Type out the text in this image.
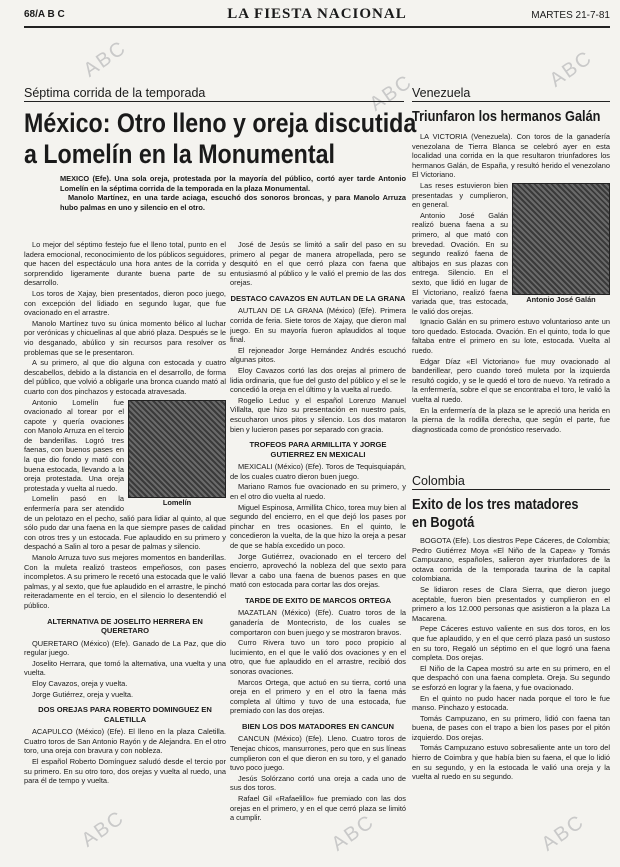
68/A B C	LA FIESTA NACIONAL	MARTES 21-7-81
ABC
ABC
ABC
ABC	ABC	ABC
Séptima corrida de la temporada
México: Otro lleno y oreja discutida
a Lomelín en la Monumental
MEXICO (Efe). Una sola oreja, protestada por la mayoría del público, cortó ayer tarde Antonio Lomelín en la séptima corrida de la temporada en la plaza Monumental.
Manolo Martínez, en una tarde aciaga, escuchó dos sonoros broncas, y para Manolo Arruza hubo palmas en uno y silencio en el otro.

Lo mejor del séptimo festejo fue el lleno total, punto en el ladera emocional, reconocimiento de los públicos seguidores, que hacen del espectáculo una hora antes de la corrida y sorprendido ligeramente durante buena parte de su desarrollo.

Los toros de Xajay, bien presentados, dieron poco juego, con excepción del lidiado en segundo lugar, que fue ovacionado en el arrastre.

Manolo Martínez tuvo su única momento bélico al luchar por verónicas y chicuelinas al que abrió plaza. Después se le vio desganado, abúlico y sin recursos para resolver os problemas que se le presentaron.

A su primero, al que dio alguna con estocada y cuatro descabellos, debido a la distancia en el desarrollo, de forma del público, que volvió a obligarle una bronca cuando mató al cuarto con dos pinchazos y estocada atravesada.

Lomelín

Antonio Lomelín fue ovacionado al torear por el capote y quería ovaciones con Manolo Arruza en el tercio de banderillas. Logró tres faenas, con buenos pases en la que dio fondo y mató con buena estocada, llevando a la oreja protestada. Una oreja protestada y vuelta al ruedo.

Lomelín pasó en la enfermería para ser atendido de un pelotazo en el pecho, salió para lidiar al quinto, al que sólo pudo dar una faena en la que siempre pases de calidad con otros tres y un estocada. Fue aplaudido en su primero y despachó a Salin al toro a pesar de palmas y silencio.

Manolo Arruza tuvo sus mejores momentos en banderillas. Con la muleta realizó trasteos empeñosos, con pases incompletos. A su primero le recetó una estocada que le valió palmas, y al sexto, que fue aplaudido en el arrastre, le pinchó reiteradamente en el tercio, en el silencio lo desentendió el público.

ALTERNATIVA DE JOSELITO HERRERA EN QUERETARO

QUERETARO (México) (Efe). Ganado de La Paz, que dio regular juego.

Joselito Herrara, que tomó la alternativa, una vuelta y una vuelta.

Eloy Cavazos, oreja y vuelta.

Jorge Gutiérrez, oreja y vuelta.

DOS OREJAS PARA ROBERTO DOMINGUEZ EN CALETILLA

ACAPULCO (México) (Efe). El lleno en la plaza Caletilla. Cuatro toros de San Antonio Rayón y de Alejandra. En el otro toro, una oreja con bravura y con nobleza.

El español Roberto Domínguez saludó desde el tercio por su primero. En su otro toro, dos orejas y vuelta al ruedo, una para él de tempo y vuelta.

José de Jesús se limitó a salir del paso en su primero al pegar de manera atropellada, pero se desquitó en el que cerró plaza con faena que entusiasmó al público y le valió el premio de las dos orejas.

DESTACO CAVAZOS EN AUTLAN DE LA GRANA

AUTLAN DE LA GRANA (México) (Efe). Primera corrida de feria. Siete toros de Xajay, que dieron mal juego. En su mayoría fueron aplaudidos al toque final.

El rejoneador Jorge Hernández Andrés escuchó algunas pitos.

Eloy Cavazos cortó las dos orejas al primero de lidia ordinaria, que fue del gusto del público y el se le concedió la oreja en el último y la vuelta al ruedo.

Rogelio Leduc y el español Lorenzo Manuel Villalta, que hizo su presentación en nuestro país, escucharon unos pitos y silencio. Los dos mataron bien y lucieron pases por separado con gracia.

TROFEOS PARA ARMILLITA Y JORGE GUTIERREZ EN MEXICALI

MEXICALI (México) (Efe). Toros de Tequisquiapán, de los cuales cuatro dieron buen juego.

Mariano Ramos fue ovacionado en su primero, y en el otro dio vuelta al ruedo.

Miguel Espinosa, Armillita Chico, torea muy bien al segundo del encierro, en el que dejó los pases por pinchar en tres ocasiones. En el quinto, le concedieron la vuelta, de la que hizo la oreja a pesar de que se había excedido un poco.

Jorge Gutiérrez, ovacionado en el tercero del encierro, aprovechó la nobleza del que sexto para llevar a cabo una faena de buenos pases en que mató con estocada para cortar las dos orejas.

TARDE DE EXITO DE MARCOS ORTEGA

MAZATLAN (México) (Efe). Cuatro toros de la ganadería de Montecristo, de los cuales se comportaron con buen juego y se mostraron bravos.

Curro Rivera tuvo un toro poco propicio al lucimiento, en el que le valió dos ovaciones y en el otro, que fue aplaudido en el arrastre, recibió dos sonoras ovaciones.

Marcos Ortega, que actuó en su tierra, cortó una oreja en el primero y en el otro la faena más completa al último y tuvo de una estocada, fue premiado con las dos orejas.

BIEN LOS DOS MATADORES EN CANCUN

CANCUN (México) (Efe). Lleno. Cuatro toros de Tenejac chicos, mansurrones, pero que en sus líneas cumplieron con el que dieron en su toro, y el ganado tuvo poco juego.

Jesús Solórzano cortó una oreja a cada uno de sus dos toros.

Rafael Gil «Rafaelillo» fue premiado con las dos orejas en el primero, y en el que cerró plaza se limitó a cumplir.

Venezuela
Triunfaron los hermanos Galán

LA VICTORIA (Venezuela). Con toros de la ganadería venezolana de Tierra Blanca se celebró ayer en esta localidad una corrida en la que resultaron triunfadores los hermanos Galán, de España, y resultó herido el venezolano El Victoriano.

Antonio José Galán

Las reses estuvieron bien presentadas y cumplieron, en general.

Antonio José Galán realizó buena faena a su primero, al que mató con brevedad. Ovación. En su segundo realizó faena de altibajos en sus plazas con entrega. Silencio. En el sexto, que lidió en lugar de El Victoriano, realizó faena variada que, tras estocada, le valió dos orejas.

Ignacio Galán en su primero estuvo voluntarioso ante un toro quedado. Estocada. Ovación. En el quinto, toda lo que faltaba entre el primero en su lote, estocada. Vuelta al ruedo.

Edgar Díaz «El Victoriano» fue muy ovacionado al banderillear, pero cuando toreó muleta por la izquierda resultó cogido, y se le quedó el toro de nuevo. Ya retirado a la enfermería, sobre el que se encontraba el toro, le valió la vuelta al ruedo.

En la enfermería de la plaza se le apreció una herida en la pierna de la rodilla derecha, que según el parte, fue diagnosticada como de pronóstico reservado.

Colombia
Exito de los tres matadores
en Bogotá

BOGOTA (Efe). Los diestros Pepe Cáceres, de Colombia; Pedro Gutiérrez Moya «El Niño de la Capea» y Tomás Campuzano, españoles, salieron ayer triunfadores de la octava corrida de la temporada taurina de la capital colombiana.

Se lidiaron reses de Clara Sierra, que dieron juego aceptable, fueron bien presentados y cumplieron en el primero a los 12.000 personas que asistieron a la plaza La Macarena.

Pepe Cáceres estuvo valiente en sus dos toros, en los que fue aplaudido, y en el que cerró plaza pasó un sustoso en su toro, Regaló un séptimo en el que logró una faena completa. Dos orejas.

El Niño de la Capea mostró su arte en su primero, en el que despachó con una faena completa. Oreja. Su segundo se esforzó en lograr y la faena, y fue ovacionado.

En el quinto no pudo hacer nada porque el toro le fue manso. Pinchazo y estocada.

Tomás Campuzano, en su primero, lidió con faena tan buena, de pases con el trapo a bien los pases por el pitón izquierdo. Dos orejas.

Tomás Campuzano estuvo sobresaliente ante un toro del hierro de Coimbra y que había bien su faena, el que lo lidió en su segundo, y en la estocada le valió una oreja y la vuelta al ruedo en su segundo.
